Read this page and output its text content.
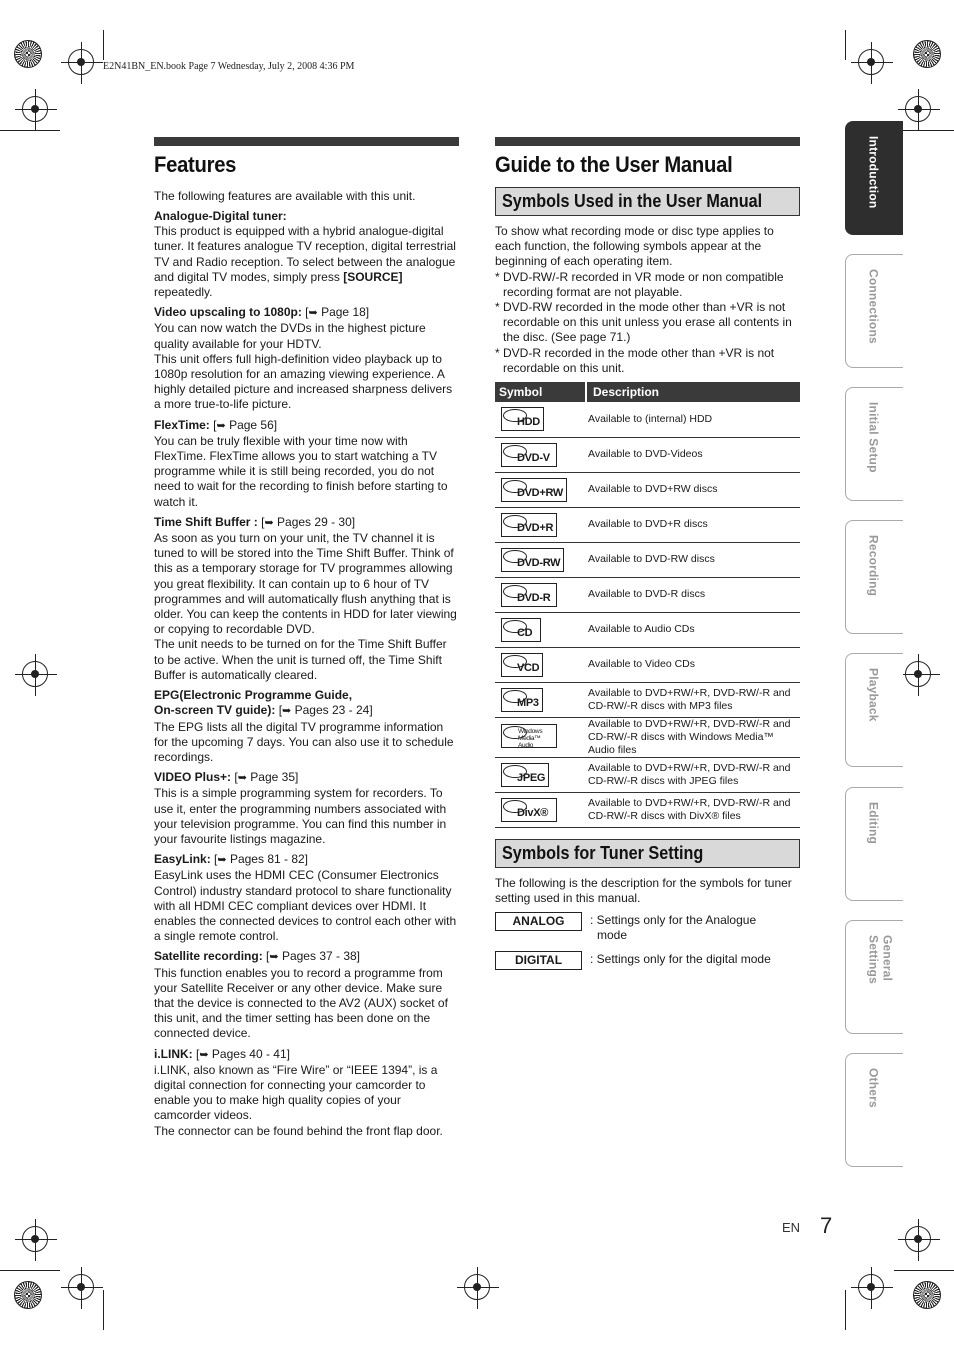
E2N41BN_EN.book Page 7 Wednesday, July 2, 2008 4:36 PM
Features
The following features are available with this unit.
Analogue-Digital tuner:
This product is equipped with a hybrid analogue-digital tuner. It features analogue TV reception, digital terrestrial TV and Radio reception. To select between the analogue and digital TV modes, simply press [SOURCE] repeatedly.
Video upscaling to 1080p: [➥ Page 18]
You can now watch the DVDs in the highest picture quality available for your HDTV.
This unit offers full high-definition video playback up to 1080p resolution for an amazing viewing experience. A highly detailed picture and increased sharpness delivers a more true-to-life picture.
FlexTime: [➥ Page 56]
You can be truly flexible with your time now with FlexTime. FlexTime allows you to start watching a TV programme while it is still being recorded, you do not need to wait for the recording to finish before starting to watch it.
Time Shift Buffer : [➥ Pages 29 - 30]
As soon as you turn on your unit, the TV channel it is tuned to will be stored into the Time Shift Buffer. Think of this as a temporary storage for TV programmes allowing you great flexibility. It can contain up to 6 hour of TV programmes and will automatically flush anything that is older. You can keep the contents in HDD for later viewing or copying to recordable DVD.
The unit needs to be turned on for the Time Shift Buffer to be active. When the unit is turned off, the Time Shift Buffer is automatically cleared.
EPG(Electronic Programme Guide,
On-screen TV guide): [➥ Pages 23 - 24]
The EPG lists all the digital TV programme information for the upcoming 7 days. You can also use it to schedule recordings.
VIDEO Plus+: [➥ Page 35]
This is a simple programming system for recorders. To use it, enter the programming numbers associated with your television programme. You can find this number in your favourite listings magazine.
EasyLink: [➥ Pages 81 - 82]
EasyLink uses the HDMI CEC (Consumer Electronics Control) industry standard protocol to share functionality with all HDMI CEC compliant devices over HDMI. It enables the connected devices to control each other with a single remote control.
Satellite recording: [➥ Pages 37 - 38]
This function enables you to record a programme from your Satellite Receiver or any other device. Make sure that the device is connected to the AV2 (AUX) socket of this unit, and the timer setting has been done on the connected device.
i.LINK: [➥ Pages 40 - 41]
i.LINK, also known as “Fire Wire” or “IEEE 1394”, is a digital connection for connecting your camcorder to enable you to make high quality copies of your camcorder videos.
The connector can be found behind the front flap door.
Guide to the User Manual
Symbols Used in the User Manual
To show what recording mode or disc type applies to each function, the following symbols appear at the beginning of each operating item.
* DVD-RW/-R recorded in VR mode or non compatible recording format are not playable.
* DVD-RW recorded in the mode other than +VR is not recordable on this unit unless you erase all contents in the disc. (See page 71.)
* DVD-R recorded in the mode other than +VR is not recordable on this unit.
Symbol	Description

HDD	Available to (internal) HDD

DVD-V	Available to DVD-Videos

DVD+RW	Available to DVD+RW discs

DVD+R	Available to DVD+R discs

DVD-RW	Available to DVD-RW discs

DVD-R	Available to DVD-R discs

CD	Available to Audio CDs

VCD	Available to Video CDs

MP3	Available to DVD+RW/+R, DVD-RW/-R and CD-RW/-R discs with MP3 files

Windows
Media™
Audio	Available to DVD+RW/+R, DVD-RW/-R and CD-RW/-R discs with Windows Media™ Audio files

JPEG	Available to DVD+RW/+R, DVD-RW/-R and CD-RW/-R discs with JPEG files

DivX®	Available to DVD+RW/+R, DVD-RW/-R and CD-RW/-R discs with DivX® files
Symbols for Tuner Setting
The following is the description for the symbols for tuner setting used in this manual.
ANALOG	: Settings only for the Analogue
mode
DIGITAL	: Settings only for the digital mode
Introduction
Connections
Initial Setup
Recording
Playback
Editing
General Settings
Others
EN 7
